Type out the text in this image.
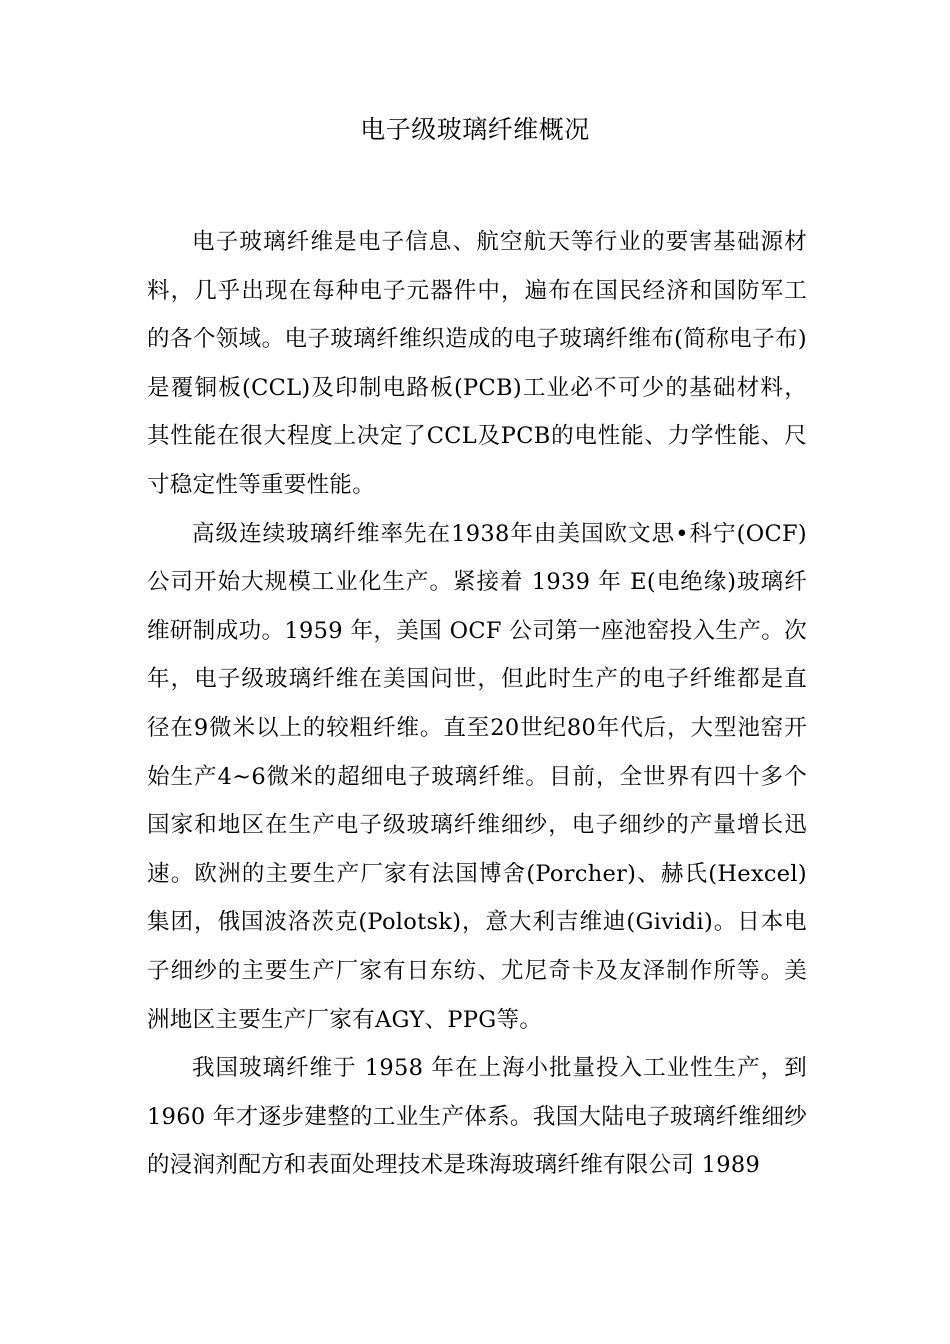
电子级玻璃纤维概况

电子玻璃纤维是电子信息、航空航天等行业的要害基础源材料，几乎出现在每种电子元器件中，遍布在国民经济和国防军工的各个领域。电子玻璃纤维织造成的电子玻璃纤维布(简称电子布)是覆铜板(CCL)及印制电路板(PCB)工业必不可少的基础材料，其性能在很大程度上决定了CCL及PCB的电性能、力学性能、尺寸稳定性等重要性能。

高级连续玻璃纤维率先在1938年由美国欧文思•科宁(OCF)公司开始大规模工业化生产。紧接着 1939 年 E(电绝缘)玻璃纤维研制成功。1959 年，美国 OCF 公司第一座池窑投入生产。次年，电子级玻璃纤维在美国问世，但此时生产的电子纤维都是直径在9微米以上的较粗纤维。直至20世纪80年代后，大型池窑开始生产4~6微米的超细电子玻璃纤维。目前，全世界有四十多个国家和地区在生产电子级玻璃纤维细纱，电子细纱的产量增长迅速。欧洲的主要生产厂家有法国博舍(Porcher)、赫氏(Hexcel)集团，俄国波洛茨克(Polotsk)，意大利吉维迪(Gividi)。日本电子细纱的主要生产厂家有日东纺、尤尼奇卡及友泽制作所等。美洲地区主要生产厂家有AGY、PPG等。

我国玻璃纤维于 1958 年在上海小批量投入工业性生产，到 1960 年才逐步建整的工业生产体系。我国大陆电子玻璃纤维细纱的浸润剂配方和表面处理技术是珠海玻璃纤维有限公司 1989
